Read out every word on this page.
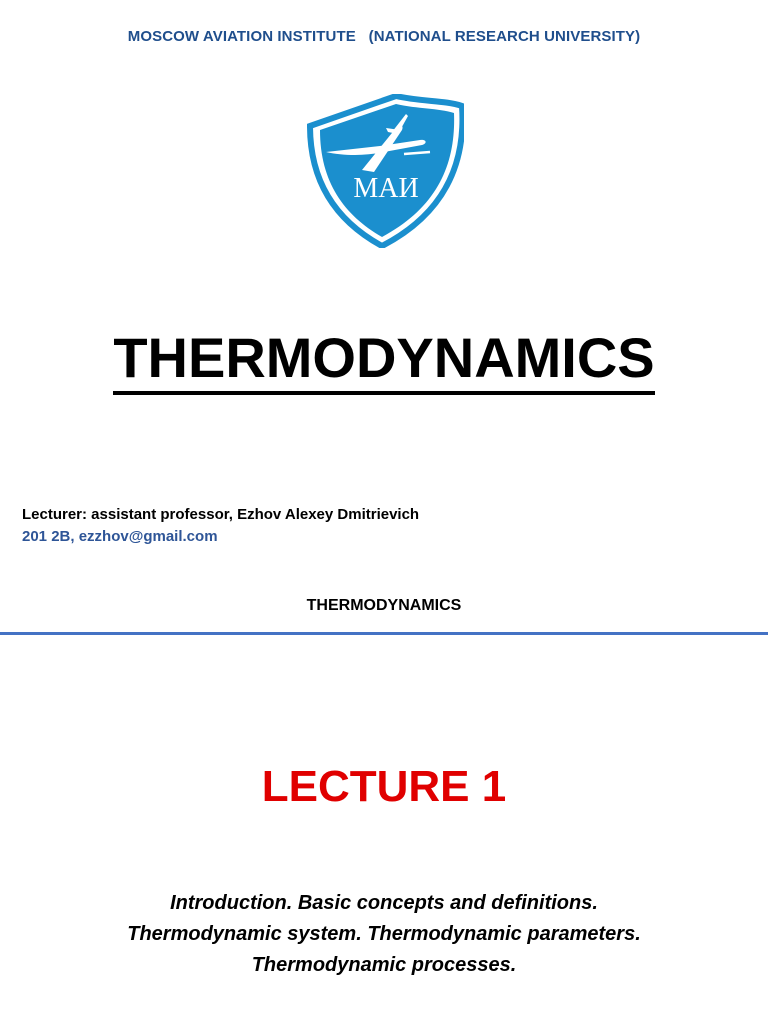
MOSCOW AVIATION INSTITUTE   (NATIONAL RESEARCH UNIVERSITY)
МАИ
THERMODYNAMICS
Lecturer: assistant professor, Ezhov Alexey Dmitrievich
201 2B, ezzhov@gmail.com
THERMODYNAMICS
LECTURE 1
Introduction. Basic concepts and definitions.
Thermodynamic system. Thermodynamic parameters.
Thermodynamic processes.
